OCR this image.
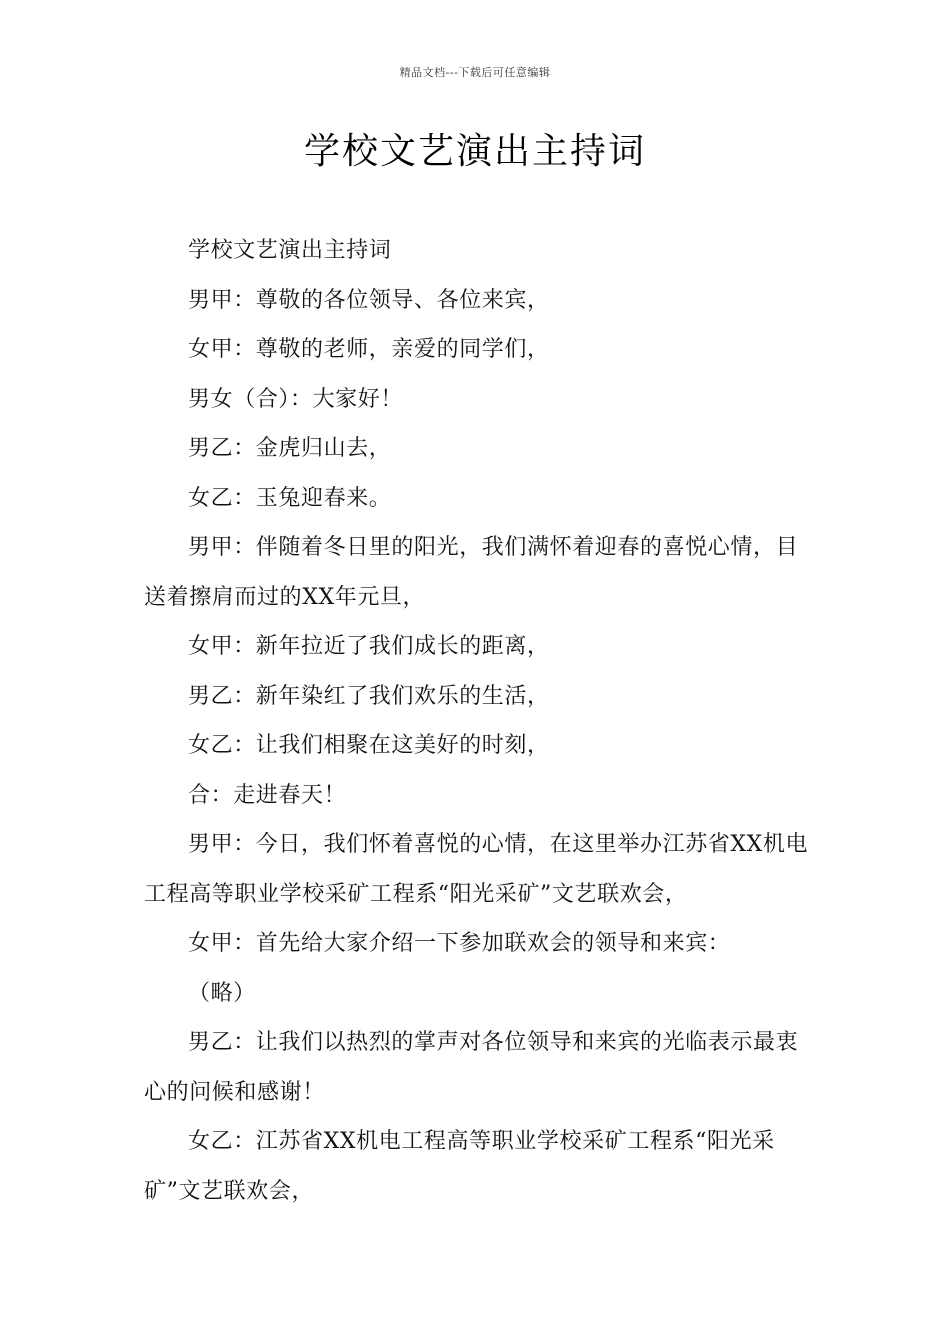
精品文档---下载后可任意编辑
学校文艺演出主持词

学校文艺演出主持词

男甲：尊敬的各位领导、各位来宾，

女甲：尊敬的老师，亲爱的同学们，

男女（合）：大家好！

男乙：金虎归山去，

女乙：玉兔迎春来。

男甲：伴随着冬日里的阳光，我们满怀着迎春的喜悦心情，目送着擦肩而过的XX年元旦，

女甲：新年拉近了我们成长的距离，

男乙：新年染红了我们欢乐的生活，

女乙：让我们相聚在这美好的时刻，

合：走进春天！

男甲：今日，我们怀着喜悦的心情，在这里举办江苏省XX机电工程高等职业学校采矿工程系“阳光采矿”文艺联欢会，

女甲：首先给大家介绍一下参加联欢会的领导和来宾：

（略）

男乙：让我们以热烈的掌声对各位领导和来宾的光临表示最衷心的问候和感谢！

女乙：江苏省XX机电工程高等职业学校采矿工程系“阳光采矿”文艺联欢会，
